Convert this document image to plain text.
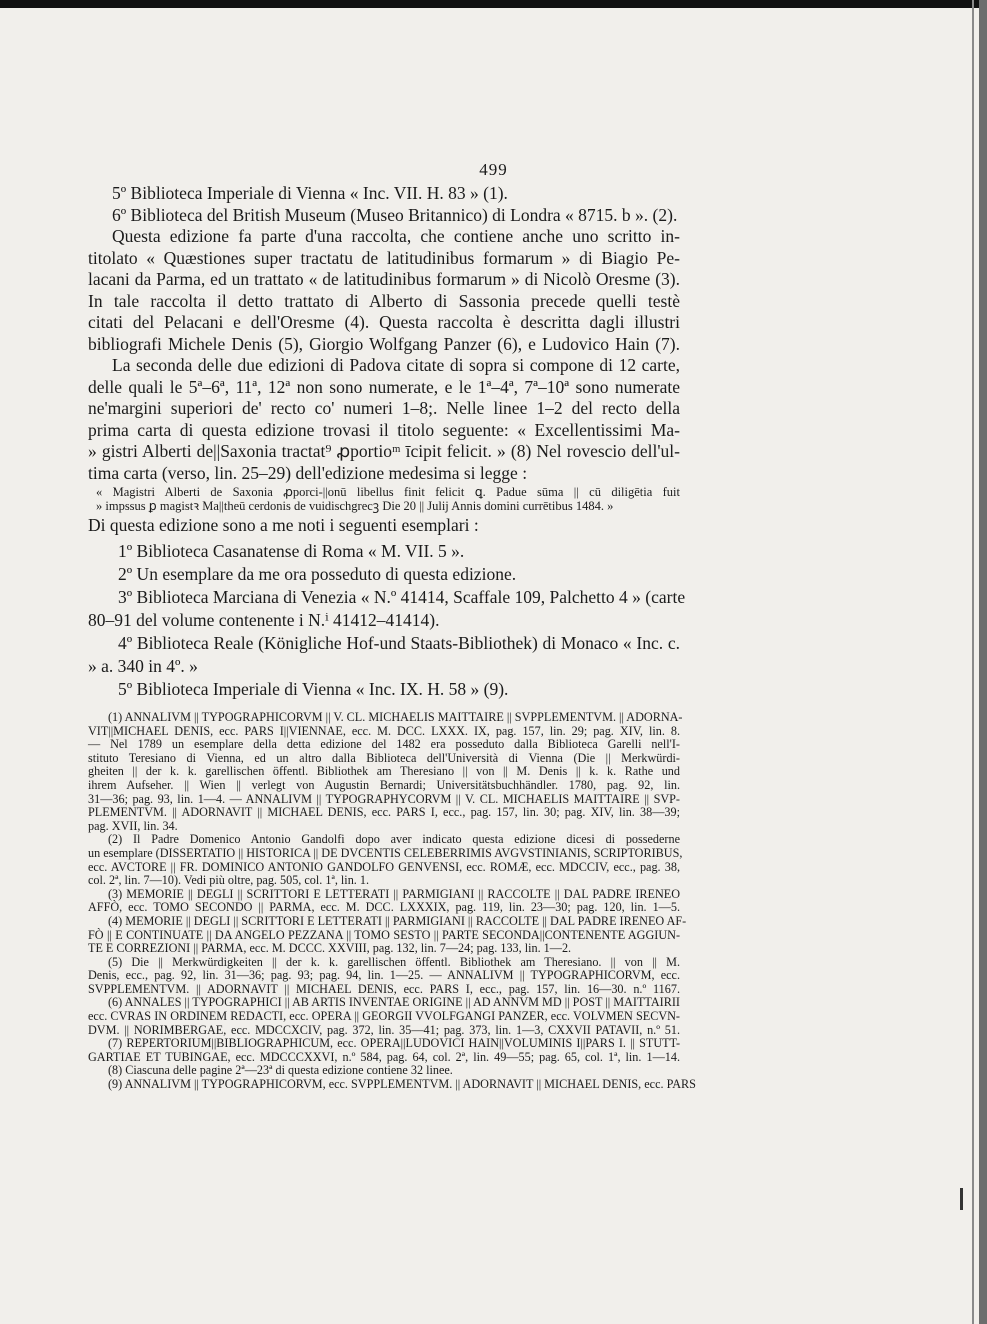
499
5º Biblioteca Imperiale di Vienna « Inc. VII. H. 83 » (1).
6º Biblioteca del British Museum (Museo Britannico) di Londra « 8715. b ». (2).
Questa edizione fa parte d'una raccolta, che contiene anche uno scritto in-
titolato « Quæstiones super tractatu de latitudinibus formarum » di Biagio Pe-
lacani da Parma, ed un trattato « de latitudinibus formarum » di Nicolò Oresme (3).
In tale raccolta il detto trattato di Alberto di Sassonia precede quelli testè
citati del Pelacani e dell'Oresme (4). Questa raccolta è descritta dagli illustri
bibliografi Michele Denis (5), Giorgio Wolfgang Panzer (6), e Ludovico Hain (7).
La seconda delle due edizioni di Padova citate di sopra si compone di 12 carte,
delle quali le 5ª–6ª, 11ª, 12ª non sono numerate, e le 1ª–4ª, 7ª–10ª sono numerate
ne'margini superiori de' recto co' numeri 1–8;. Nelle linee 1–2 del recto della
prima carta di questa edizione trovasi il titolo seguente: « Excellentissimi Ma-
» gistri Alberti de||Saxonia tractat⁹ ꝓportioᵐ īcipit felicit. » (8) Nel rovescio dell'ul-
tima carta (verso, lin. 25–29) dell'edizione medesima si legge :
« Magistri Alberti de Saxonia ꝓporci-||onū libellus finit felicit ꝗ. Padue sūma || cū diligētia fuit
» impssus ꝑ magistꝛ Ma||theū cerdonis de vuidischgrecꝫ Die 20 || Julij Annis domini currētibus 1484. »
Di questa edizione sono a me noti i seguenti esemplari :
1º Biblioteca Casanatense di Roma « M. VII. 5 ».
2º Un esemplare da me ora posseduto di questa edizione.
3º Biblioteca Marciana di Venezia « N.º 41414, Scaffale 109, Palchetto 4 » (carte
80–91 del volume contenente i N.ⁱ 41412–41414).
4º Biblioteca Reale (Königliche Hof-und Staats-Bibliothek) di Monaco « Inc. c.
» a. 340 in 4º. »
5º Biblioteca Imperiale di Vienna « Inc. IX. H. 58 » (9).
(1) ANNALIVM || TYPOGRAPHICORVM || V. CL. MICHAELIS MAITTAIRE || SVPPLEMENTVM. || ADORNA-
VIT||MICHAEL DENIS, ecc. PARS I||VIENNAE, ecc. M. DCC. LXXX. IX, pag. 157, lin. 29; pag. XIV, lin. 8.
— Nel 1789 un esemplare della detta edizione del 1482 era posseduto dalla Biblioteca Garelli nell'I-
stituto Teresiano di Vienna, ed un altro dalla Biblioteca dell'Università di Vienna (Die || Merkwürdi-
gheiten || der k. k. garellischen öffentl. Bibliothek am Theresiano || von || M. Denis || k. k. Rathe und
ihrem Aufseher. || Wien || verlegt von Augustin Bernardi; Universitätsbuchhändler. 1780, pag. 92, lin.
31—36; pag. 93, lin. 1—4. — ANNALIVM || TYPOGRAPHYCORVM || V. CL. MICHAELIS MAITTAIRE || SVP-
PLEMENTVM. || ADORNAVIT || MICHAEL DENIS, ecc. PARS I, ecc., pag. 157, lin. 30; pag. XIV, lin. 38—39;
pag. XVII, lin. 34.
(2) Il Padre Domenico Antonio Gandolfi dopo aver indicato questa edizione dicesi di possederne
un esemplare (DISSERTATIO || HISTORICA || DE DVCENTIS CELEBERRIMIS AVGVSTINIANIS, SCRIPTORIBUS,
ecc. AVCTORE || FR. DOMINICO ANTONIO GANDOLFO GENVENSI, ecc. ROMÆ, ecc. MDCCIV, ecc., pag. 38,
col. 2ª, lin. 7—10). Vedi più oltre, pag. 505, col. 1ª, lin. 1.
(3) MEMORIE || DEGLI || SCRITTORI E LETTERATI || PARMIGIANI || RACCOLTE || DAL PADRE IRENEO
AFFÒ, ecc. TOMO SECONDO || PARMA, ecc. M. DCC. LXXXIX, pag. 119, lin. 23—30; pag. 120, lin. 1—5.
(4) MEMORIE || DEGLI || SCRITTORI E LETTERATI || PARMIGIANI || RACCOLTE || DAL PADRE IRENEO AF-
FÒ || E CONTINUATE || DA ANGELO PEZZANA || TOMO SESTO || PARTE SECONDA||CONTENENTE AGGIUN-
TE E CORREZIONI || PARMA, ecc. M. DCCC. XXVIII, pag. 132, lin. 7—24; pag. 133, lin. 1—2.
(5) Die || Merkwürdigkeiten || der k. k. garellischen öffentl. Bibliothek am Theresiano. || von || M.
Denis, ecc., pag. 92, lin. 31—36; pag. 93; pag. 94, lin. 1—25. — ANNALIVM || TYPOGRAPHICORVM, ecc.
SVPPLEMENTVM. || ADORNAVIT || MICHAEL DENIS, ecc. PARS I, ecc., pag. 157, lin. 16—30. n.º 1167.
(6) ANNALES || TYPOGRAPHICI || AB ARTIS INVENTAE ORIGINE || AD ANNVM MD || POST || MAITTAIRII
ecc. CVRAS IN ORDINEM REDACTI, ecc. OPERA || GEORGII VVOLFGANGI PANZER, ecc. VOLVMEN SECVN-
DVM. || NORIMBERGAE, ecc. MDCCXCIV, pag. 372, lin. 35—41; pag. 373, lin. 1—3, CXXVII PATAVII, n.º 51.
(7) REPERTORIUM||BIBLIOGRAPHICUM, ecc. OPERA||LUDOVICI HAIN||VOLUMINIS I||PARS I. || STUTT-
GARTIAE ET TUBINGAE, ecc. MDCCCXXVI, n.º 584, pag. 64, col. 2ª, lin. 49—55; pag. 65, col. 1ª, lin. 1—14.
(8) Ciascuna delle pagine 2ª—23ª di questa edizione contiene 32 linee.
(9) ANNALIVM || TYPOGRAPHICORVM, ecc. SVPPLEMENTVM. || ADORNAVIT || MICHAEL DENIS, ecc. PARS
